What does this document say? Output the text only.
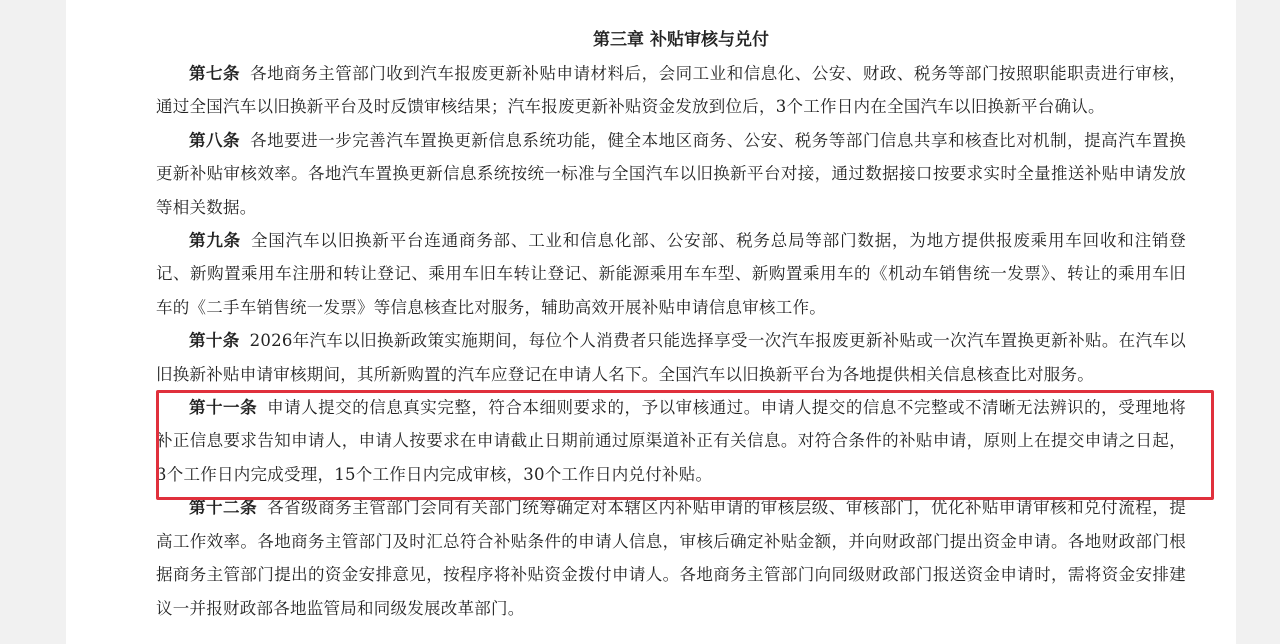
第三章 补贴审核与兑付

第七条 各地商务主管部门收到汽车报废更新补贴申请材料后，会同工业和信息化、公安、财政、税务等部门按照职能职责进行审核，通过全国汽车以旧换新平台及时反馈审核结果；汽车报废更新补贴资金发放到位后，3个工作日内在全国汽车以旧换新平台确认。

第八条 各地要进一步完善汽车置换更新信息系统功能，健全本地区商务、公安、税务等部门信息共享和核查比对机制，提高汽车置换更新补贴审核效率。各地汽车置换更新信息系统按统一标准与全国汽车以旧换新平台对接，通过数据接口按要求实时全量推送补贴申请发放等相关数据。

第九条 全国汽车以旧换新平台连通商务部、工业和信息化部、公安部、税务总局等部门数据，为地方提供报废乘用车回收和注销登记、新购置乘用车注册和转让登记、乘用车旧车转让登记、新能源乘用车车型、新购置乘用车的《机动车销售统一发票》、转让的乘用车旧车的《二手车销售统一发票》等信息核查比对服务，辅助高效开展补贴申请信息审核工作。

第十条 2026年汽车以旧换新政策实施期间，每位个人消费者只能选择享受一次汽车报废更新补贴或一次汽车置换更新补贴。在汽车以旧换新补贴申请审核期间，其所新购置的汽车应登记在申请人名下。全国汽车以旧换新平台为各地提供相关信息核查比对服务。

第十一条 申请人提交的信息真实完整，符合本细则要求的，予以审核通过。申请人提交的信息不完整或不清晰无法辨识的，受理地将补正信息要求告知申请人，申请人按要求在申请截止日期前通过原渠道补正有关信息。对符合条件的补贴申请，原则上在提交申请之日起，3个工作日内完成受理，15个工作日内完成审核，30个工作日内兑付补贴。

第十二条 各省级商务主管部门会同有关部门统筹确定对本辖区内补贴申请的审核层级、审核部门，优化补贴申请审核和兑付流程，提高工作效率。各地商务主管部门及时汇总符合补贴条件的申请人信息，审核后确定补贴金额，并向财政部门提出资金申请。各地财政部门根据商务主管部门提出的资金安排意见，按程序将补贴资金拨付申请人。各地商务主管部门向同级财政部门报送资金申请时，需将资金安排建议一并报财政部各地监管局和同级发展改革部门。
